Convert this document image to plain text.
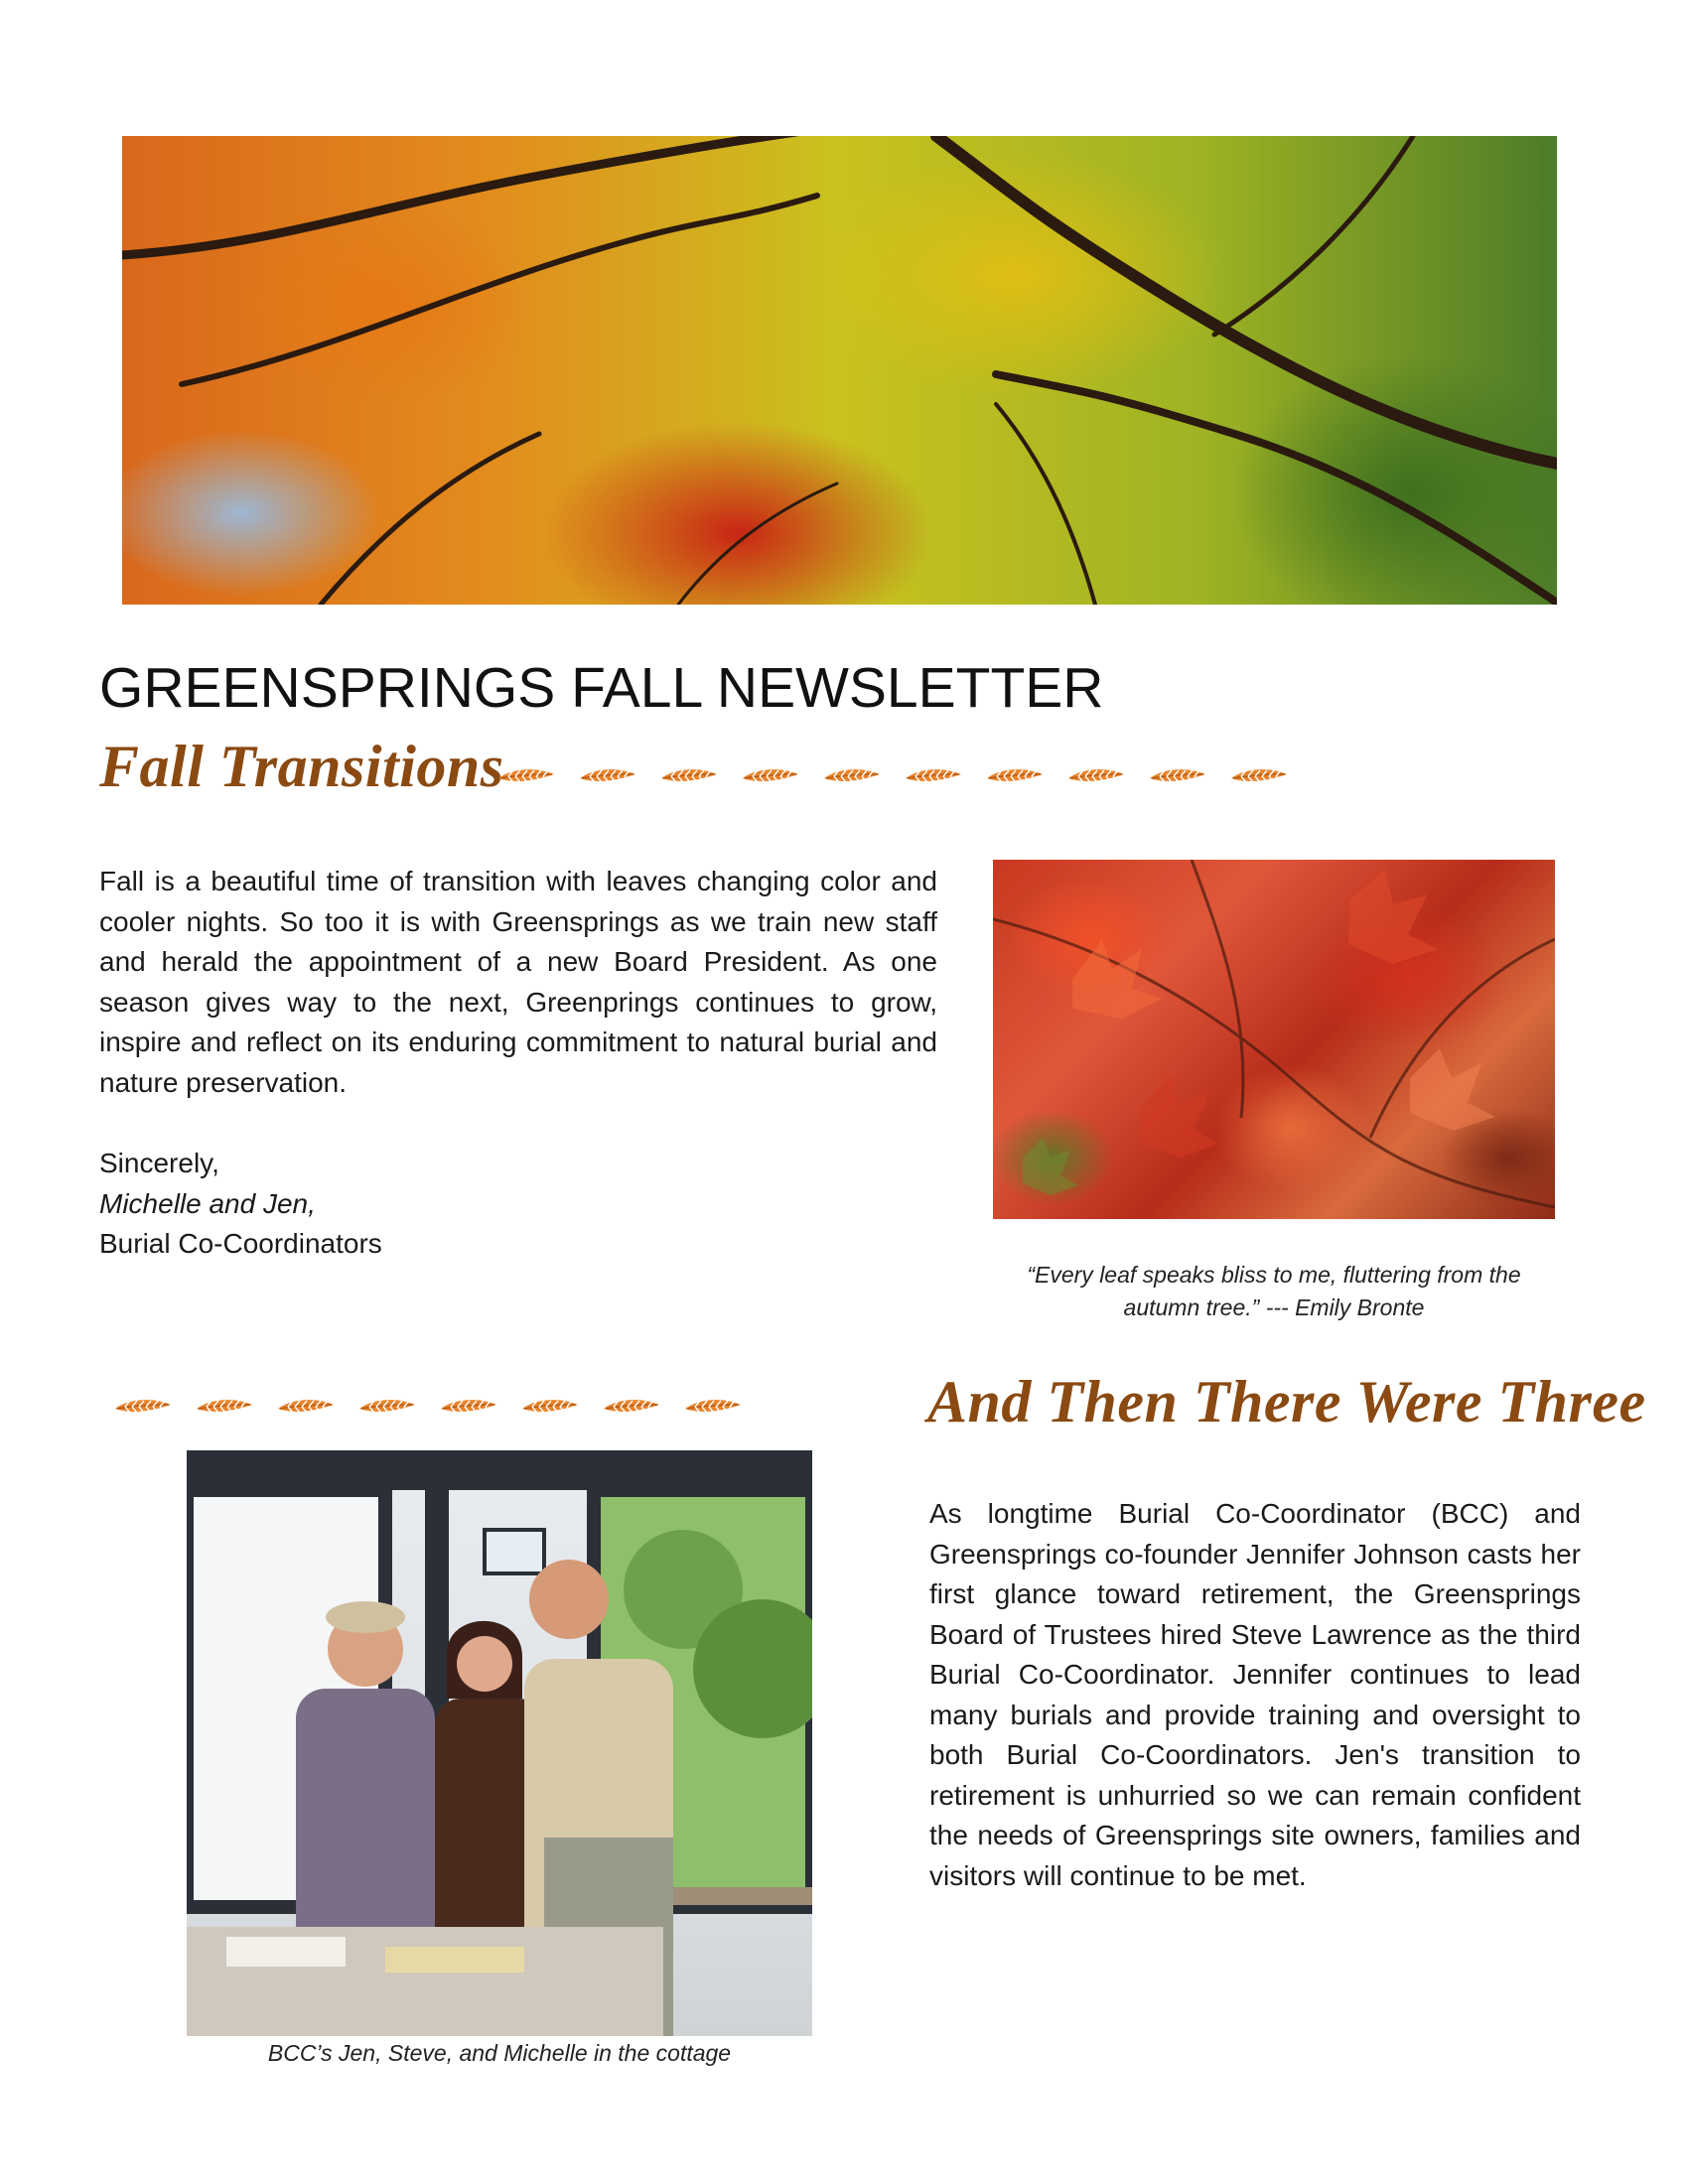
GREENSPRINGS FALL NEWSLETTER
Fall Transitions

Fall is a beautiful time of transition with leaves changing color and cooler nights. So too it is with Greensprings as we train new staff and herald the appointment of a new Board President. As one season gives way to the next, Greenprings continues to grow, inspire and reflect on its enduring commitment to natural burial and nature preservation.

Sincerely,
Michelle and Jen,
Burial Co-Coordinators
“Every leaf speaks bliss to me, fluttering from the autumn tree.” --- Emily Bronte
And Then There Were Three

As longtime Burial Co-Coordinator (BCC) and Greensprings co-founder Jennifer Johnson casts her first glance toward retirement, the Greensprings Board of Trustees hired Steve Lawrence as the third Burial Co-Coordinator. Jennifer continues to lead many burials and provide training and oversight to both Burial Co-Coordinators. Jen's transition to retirement is unhurried so we can remain confident the needs of Greensprings site owners, families and visitors will continue to be met.

BCC’s Jen, Steve, and Michelle in the cottage
